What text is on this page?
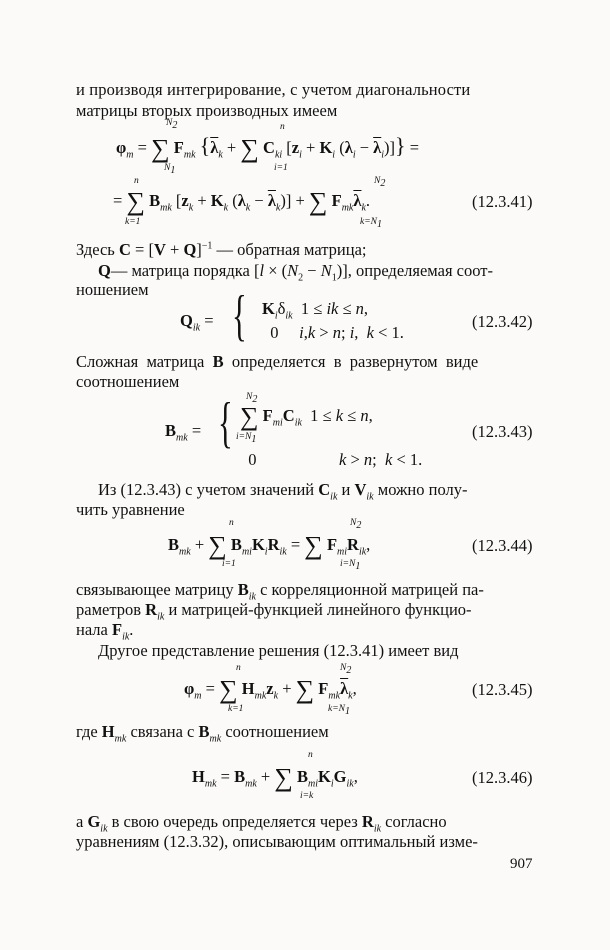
и производя интегрирование, с учетом диагональности
матрицы вторых производных имеем
$\varphi_m$ = ∑ $F_{mk}$ {$\overline{\lambda}_k$ + ∑ $C_{ki}$ [$z_i + K_i$ $(\lambda_i - \overline{\lambda}_i)$]} =
$N_2$
$N_1$
n
i=1
= ∑ $B_{mk}$ [$z_k + K_k$ $(\lambda_k - \overline{\lambda}_k)$] + ∑ $F_{mk}\overline{\lambda}_k$.
n
k=1
$N_2$
$k=N_1$
(12.3.41)
Здесь $C = [V + Q]^{-1}$ — обратная матрица;
Q— матрица порядка $[l \times (N_2 - N_1)]$, определяемая соот-
ношением
$Q_{ik}$ = { $K_i\delta_{ik}$  1 ≤ ik ≤ n,
0     i,k > n; i,  k < 1.
(12.3.42)
Сложная  матрица  B  определяется  в  развернутом  виде
соотношением
$B_{mk}$ = { ∑ $F_{mi}C_{ik}$  1 ≤ k ≤ n,
$N_2$
$i=N_1$
0                    k > n;  k < 1.
(12.3.43)
Из (12.3.43) с учетом значений $C_{ik}$ и $V_{ik}$ можно полу-
чить уравнение
$B_{mk}$ + ∑ $B_{mi}K_iR_{ik}$ = ∑ $F_{mi}R_{ik}$,
n
i=1
$N_2$
$i=N_1$
(12.3.44)
связывающее матрицу $B_{ik}$ с корреляционной матрицей па-
раметров $R_{ik}$ и матрицей-функцией линейного функцио-
нала $F_{ik}$.
Другое представление решения (12.3.41) имеет вид
$\varphi_m$ = ∑ $H_{mk}z_k$ + ∑ $F_{mk}\overline{\lambda}_k$,
n
k=1
$N_2$
$k=N_1$
(12.3.45)
где $H_{mk}$ связана с $B_{mk}$ соотношением
$H_{mk} = B_{mk}$ + ∑ $B_{mi}K_iG_{ik}$,
n
i=k
(12.3.46)
а $G_{ik}$ в свою очередь определяется через $R_{ik}$ согласно
уравнениям (12.3.32), описывающим оптимальный изме-
907
